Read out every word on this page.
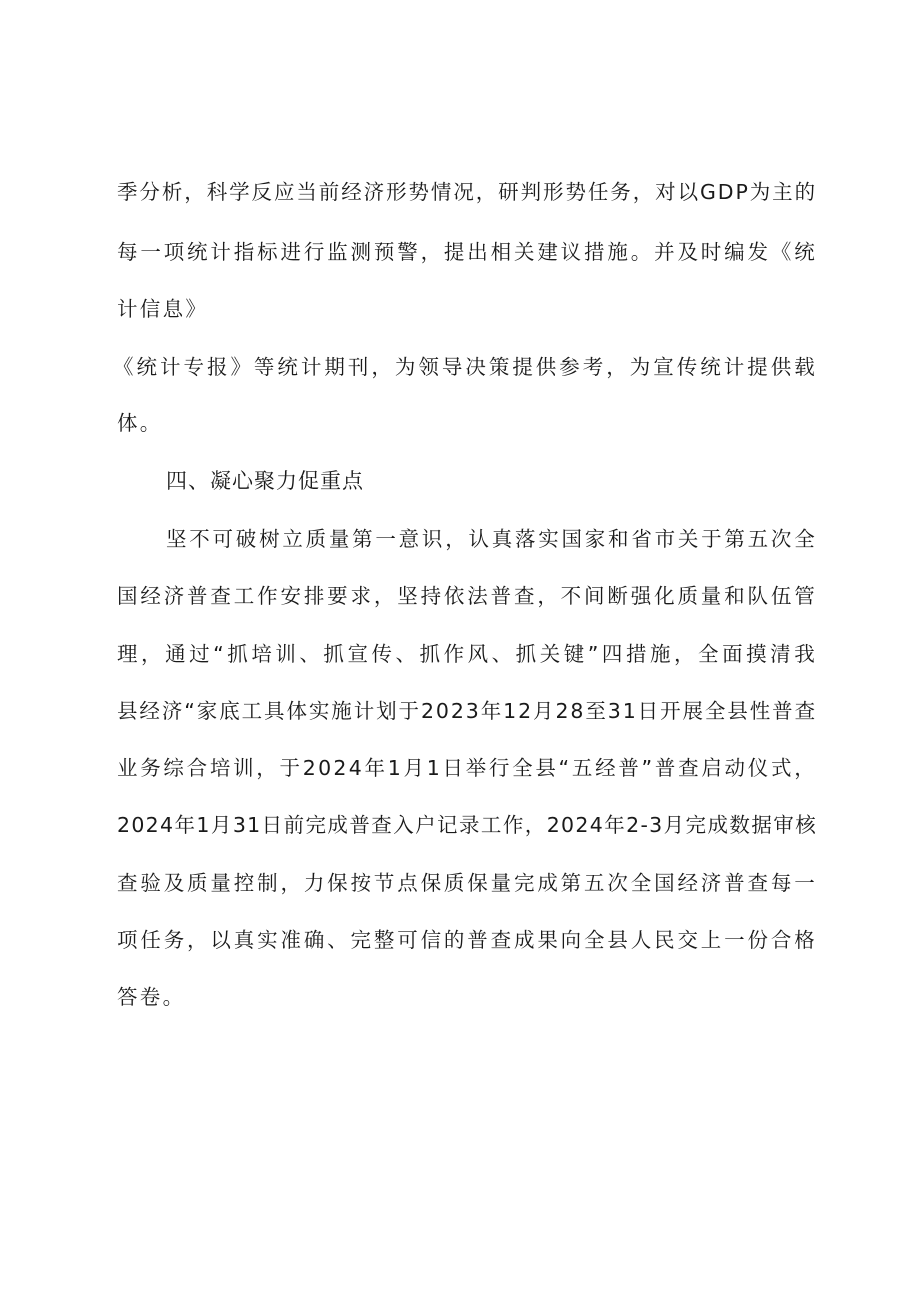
季分析，科学反应当前经济形势情况，研判形势任务，对以GDP为主的
每一项统计指标进行监测预警，提出相关建议措施。并及时编发《统
计信息》
《统计专报》等统计期刊，为领导决策提供参考，为宣传统计提供载
体。
四、凝心聚力促重点
坚不可破树立质量第一意识，认真落实国家和省市关于第五次全
国经济普查工作安排要求，坚持依法普查，不间断强化质量和队伍管
理，通过“抓培训、抓宣传、抓作风、抓关键”四措施，全面摸清我
县经济“家底工具体实施计划于2023年12月28至31日开展全县性普查
业务综合培训，于2024年1月1日举行全县“五经普”普查启动仪式，
2024年1月31日前完成普查入户记录工作，2024年2-3月完成数据审核
查验及质量控制，力保按节点保质保量完成第五次全国经济普查每一
项任务，以真实准确、完整可信的普查成果向全县人民交上一份合格
答卷。
